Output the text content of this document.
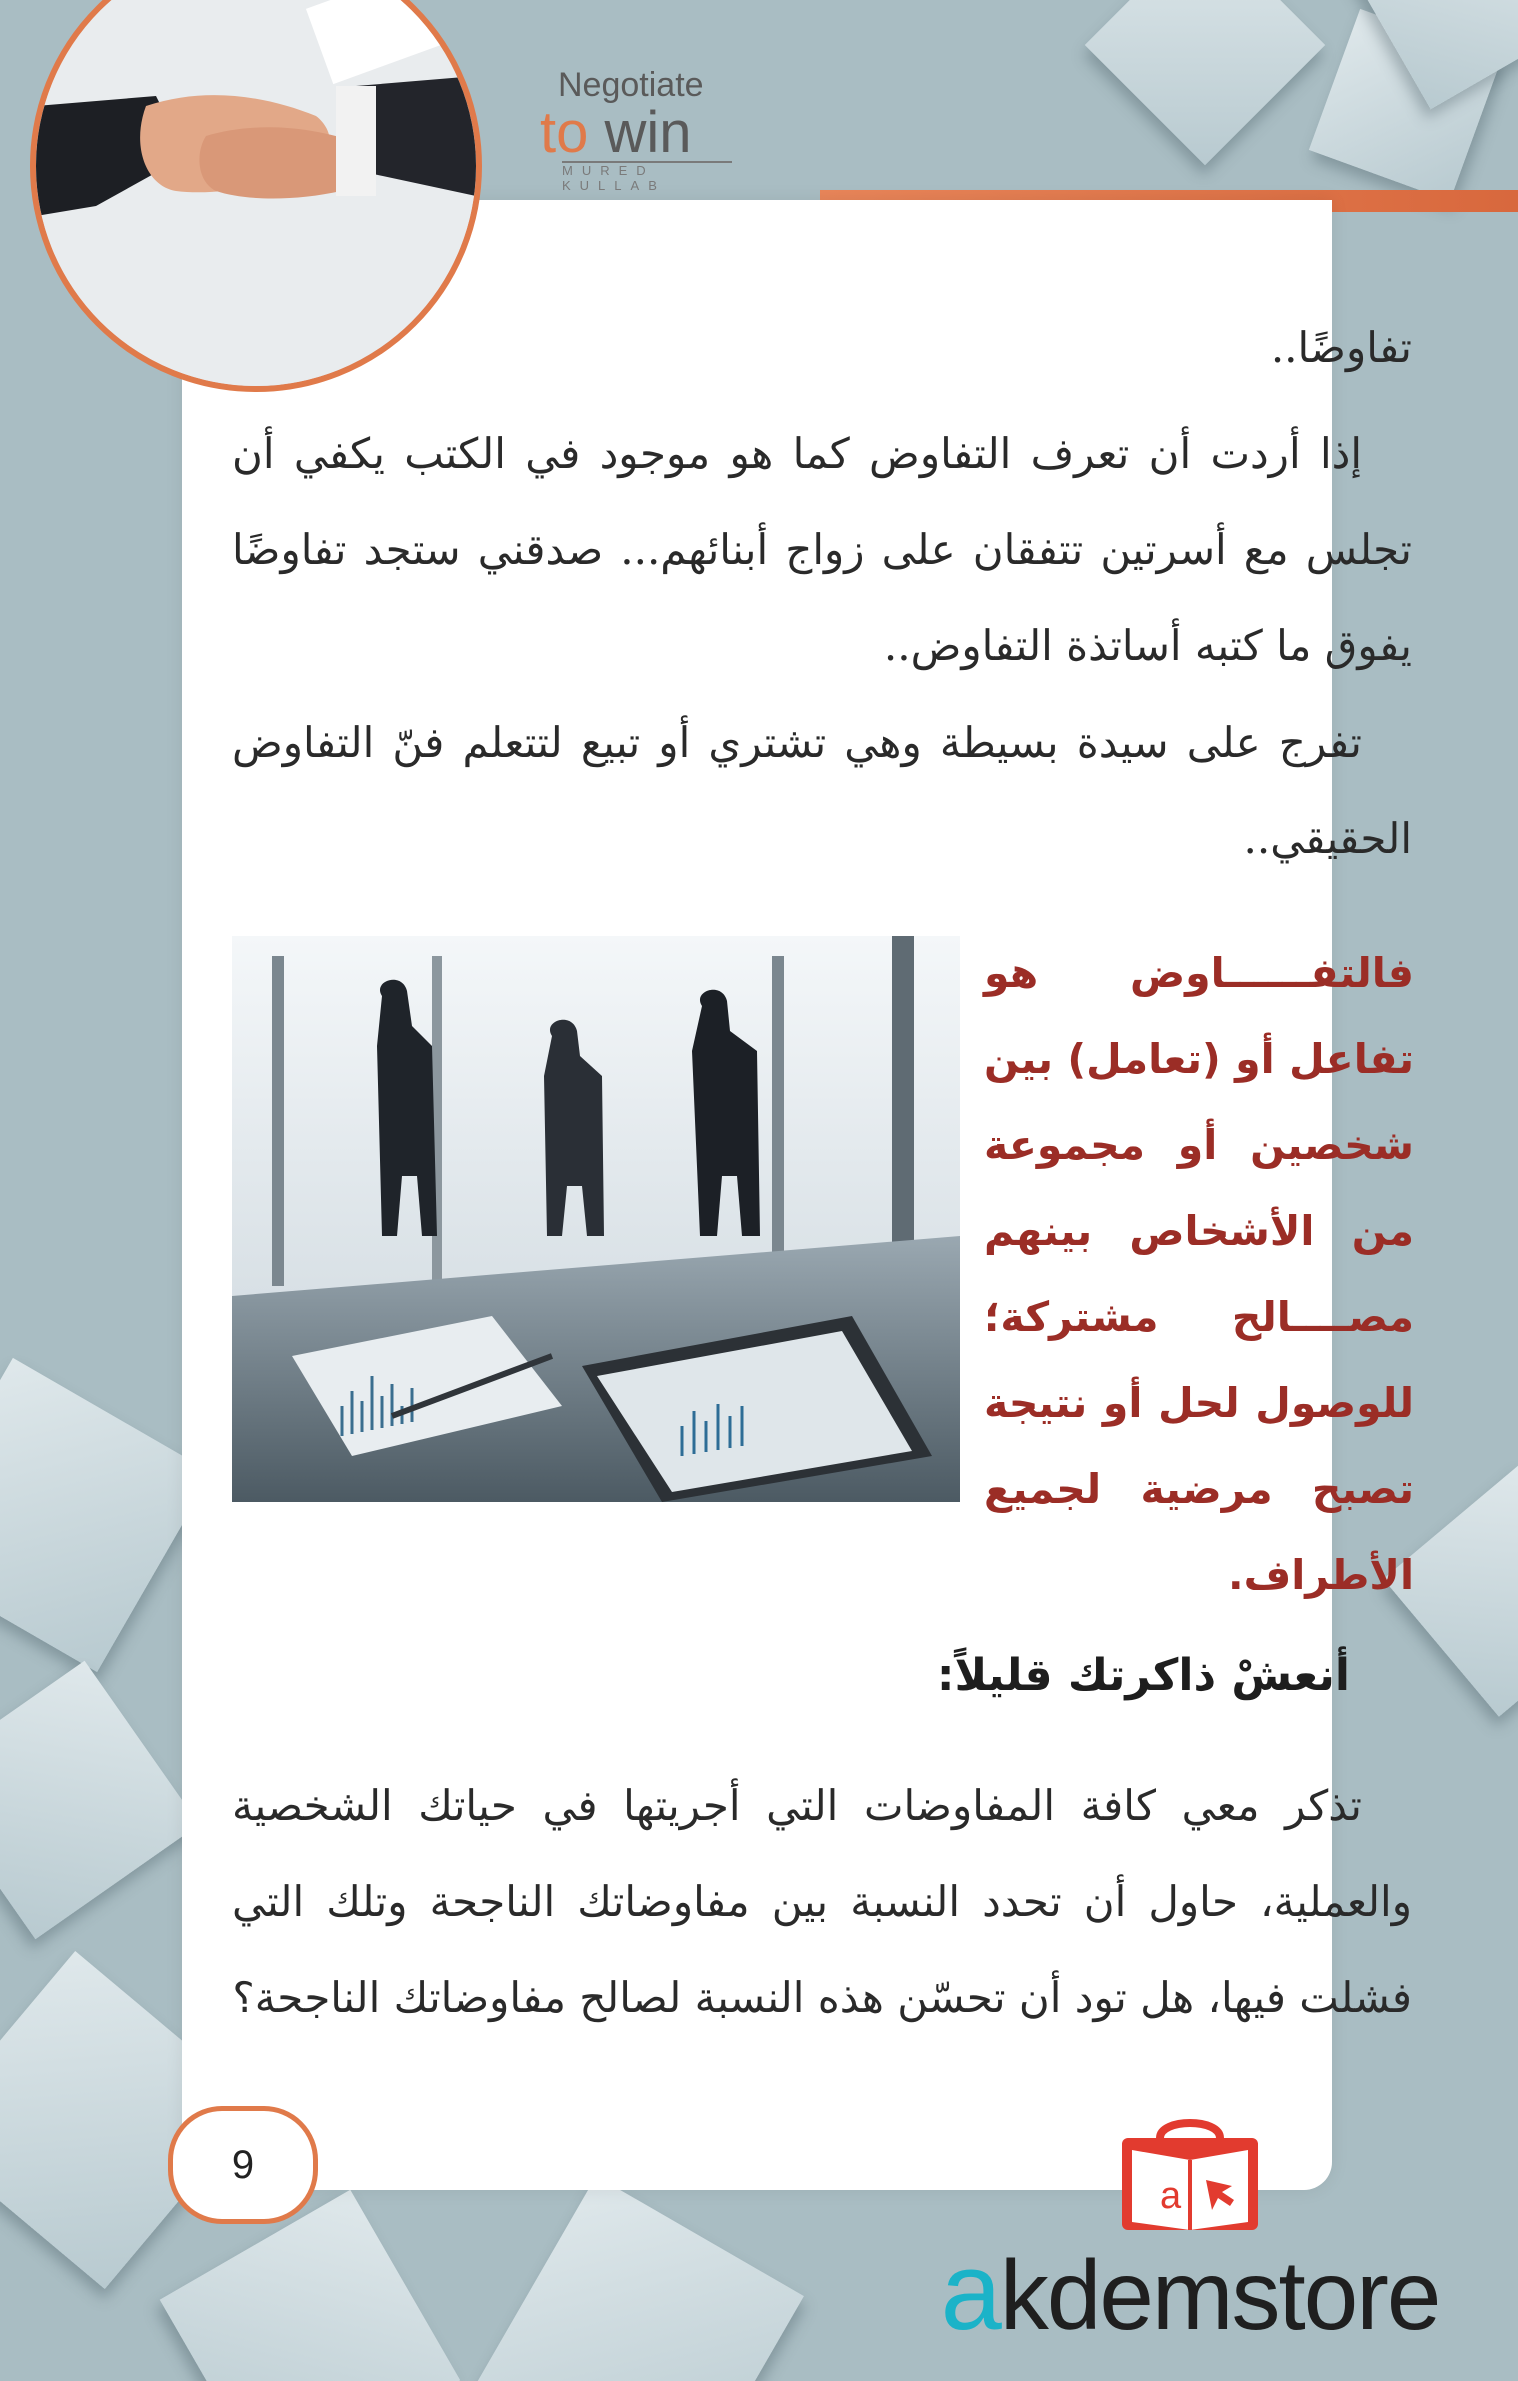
Negotiate
to win
MURED KULLAB
تفاوضًا..
إذا أردت أن تعرف التفاوض كما هو موجود في الكتب يكفي أن تجلس مع أسرتين تتفقان على زواج أبنائهم... صدقني ستجد تفاوضًا يفوق ما كتبه أساتذة التفاوض..
تفرج على سيدة بسيطة وهي تشتري أو تبيع لتتعلم فنّ التفاوض الحقيقي..
فالتفــــــاوض هو تفاعل أو (تعامل) بين شخصين أو مجموعة من الأشخاص بينهم مصــــالح مشتركة؛ للوصول لحل أو نتيجة تصبح مرضية لجميع الأطراف.
أنعشْ ذاكرتك قليلاً:
تذكر معي كافة المفاوضات التي أجريتها في حياتك الشخصية والعملية، حاول أن تحدد النسبة بين مفاوضاتك الناجحة وتلك التي فشلت فيها، هل تود أن تحسّن هذه النسبة لصالح مفاوضاتك الناجحة؟
9
a
akdemstore
